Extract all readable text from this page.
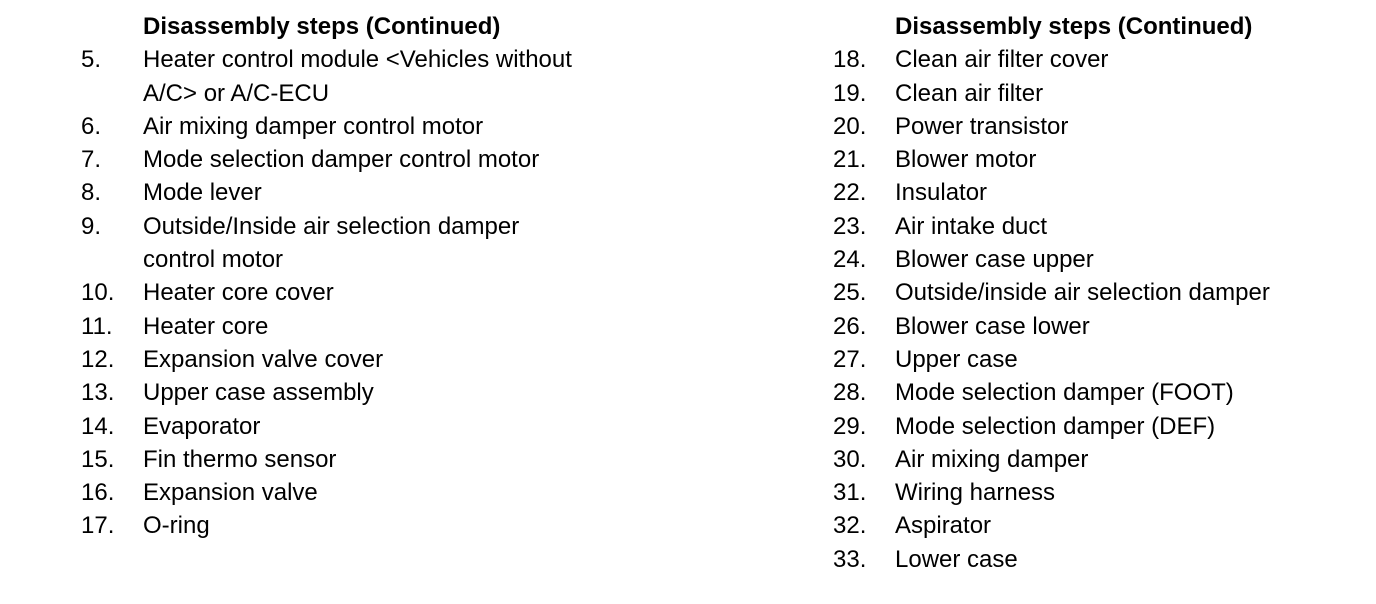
Disassembly steps (Continued)
5.	Heater control module <Vehicles without A/C> or A/C-ECU
6.	Air mixing damper control motor
7.	Mode selection damper control motor
8.	Mode lever
9.	Outside/Inside air selection damper control motor
10.	Heater core cover
11.	Heater core
12.	Expansion valve cover
13.	Upper case assembly
14.	Evaporator
15.	Fin thermo sensor
16.	Expansion valve
17.	O-ring
Disassembly steps (Continued)
18.	Clean air filter cover
19.	Clean air filter
20.	Power transistor
21.	Blower motor
22.	Insulator
23.	Air intake duct
24.	Blower case upper
25.	Outside/inside air selection damper
26.	Blower case lower
27.	Upper case
28.	Mode selection damper (FOOT)
29.	Mode selection damper (DEF)
30.	Air mixing damper
31.	Wiring harness
32.	Aspirator
33.	Lower case
